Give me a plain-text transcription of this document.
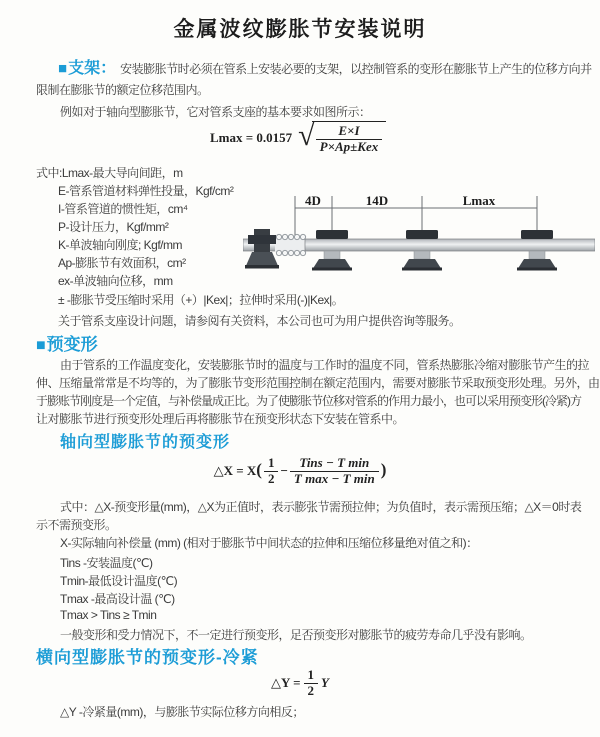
金属波纹膨胀节安装说明
■ 支架： 安装膨胀节时必须在管系上安装必要的支架，以控制管系的变形在膨胀节上产生的位移方向并
限制在膨胀节的额定位移范围内。
例如对于轴向型膨胀节，它对管系支座的基本要求如图所示：
Lmax = 0.0157 √ $\frac{E\times I}{\text{P×Ap±Kex}}$
式中:Lmax-最大导向间距，m
E-管系管道材料弹性投量，Kgf/cm²
I-管系管道的惯性矩，cm⁴
P-设计压力，Kgf/mm²
K-单波轴向刚度; Kgf/mm
Ap-膨胀节有效面积，cm²
ex-单波轴向位移，mm
± -膨胀节受压缩时采用（+）|Kex|；拉伸时采用(-)|Kex|。
关于管系支座设计问题，请参阅有关资料，本公司也可为用户提供咨询等服务。
4D	14D	Lmax
■ 预变形
由于管系的工作温度变化，安装膨胀节时的温度与工作时的温度不同，管系热膨胀冷缩对膨胀节产生的拉
伸、压缩量常常是不均等的，为了膨胀节变形范围控制在额定范围内，需要对膨胀节采取预变形处理。另外，由
于膨账节刚度是一个定值，与补偿量成正比。为了使膨胀节位移对管系的作用力最小，也可以采用预变形(冷紧)方
让对膨胀节进行预变形处理后再将膨胀节在预变形状态下安装在管系中。
轴向型膨胀节的预变形
△X = X ( $\frac{1}{2} - \frac{\text{Tins − T min}}{\text{T max − T min}}$ )
式中：△X-预变形量(mm)，△X为正值时，表示膨张节需预拉伸；为负值时，表示需预压缩；△X＝0时表
示不需预变形。
X-实际轴向补偿量 (mm) (相对于膨胀节中间状态的拉伸和压缩位移量绝对值之和)：
Tins -安装温度(℃)
Tmin-最低设计温度(℃)
Tmax -最高设计温 (℃)
Tmax > Tins ≥ Tmin
一般变形和受力情况下，不一定进行预变形，足否预变形对膨胀节的疲劳寿命几乎没有影响。
横向型膨胀节的预变形-冷紧
△Y = $\frac{1}{2}$ Y
△Y -冷紧量(mm)，与膨胀节实际位移方向相反；
